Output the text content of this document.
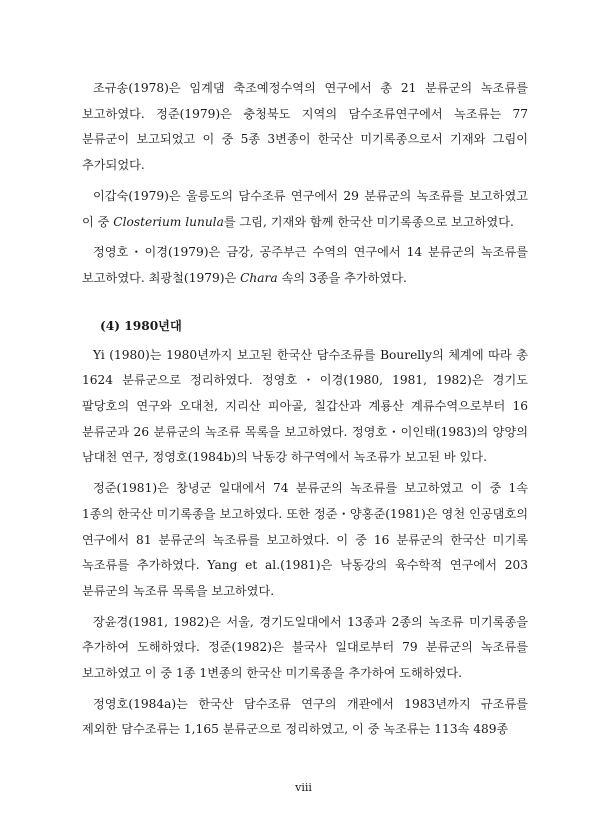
조규송(1978)은 임계댐 축조예정수역의 연구에서 총 21 분류군의 녹조류를 보고하였다. 정준(1979)은 충청북도 지역의 담수조류연구에서 녹조류는 77 분류군이 보고되었고 이 중 5종 3변종이 한국산 미기록종으로서 기재와 그림이 추가되었다.

이갑숙(1979)은 울릉도의 담수조류 연구에서 29 분류군의 녹조류를 보고하였고 이 중 Closterium lunula를 그림, 기재와 함께 한국산 미기록종으로 보고하였다.

정영호・이경(1979)은 금강, 공주부근 수역의 연구에서 14 분류군의 녹조류를 보고하였다. 최광철(1979)은 Chara 속의 3종을 추가하였다.

(4) 1980년대

Yi (1980)는 1980년까지 보고된 한국산 담수조류를 Bourelly의 체계에 따라 총 1624 분류군으로 정리하였다. 정영호・이경(1980, 1981, 1982)은 경기도 팔당호의 연구와 오대천, 지리산 피아골, 칠갑산과 계룡산 계류수역으로부터 16 분류군과 26 분류군의 녹조류 목록을 보고하였다. 정영호・이인태(1983)의 양양의 남대천 연구, 정영호(1984b)의 낙동강 하구역에서 녹조류가 보고된 바 있다.

정준(1981)은 창녕군 일대에서 74 분류군의 녹조류를 보고하였고 이 중 1속 1종의 한국산 미기록종을 보고하였다. 또한 정준・양홍준(1981)은 영천 인공댐호의 연구에서 81 분류군의 녹조류를 보고하였다. 이 중 16 분류군의 한국산 미기록 녹조류를 추가하였다. Yang et al.(1981)은 낙동강의 육수학적 연구에서 203 분류군의 녹조류 목록을 보고하였다.

장윤경(1981, 1982)은 서울, 경기도일대에서 13종과 2종의 녹조류 미기록종을 추가하여 도해하였다. 정준(1982)은 불국사 일대로부터 79 분류군의 녹조류를 보고하였고 이 중 1종 1변종의 한국산 미기록종을 추가하여 도해하였다.

정영호(1984a)는 한국산 담수조류 연구의 개관에서 1983년까지 규조류를 제외한 담수조류는 1,165 분류군으로 정리하였고, 이 중 녹조류는 113속 489종

viii
